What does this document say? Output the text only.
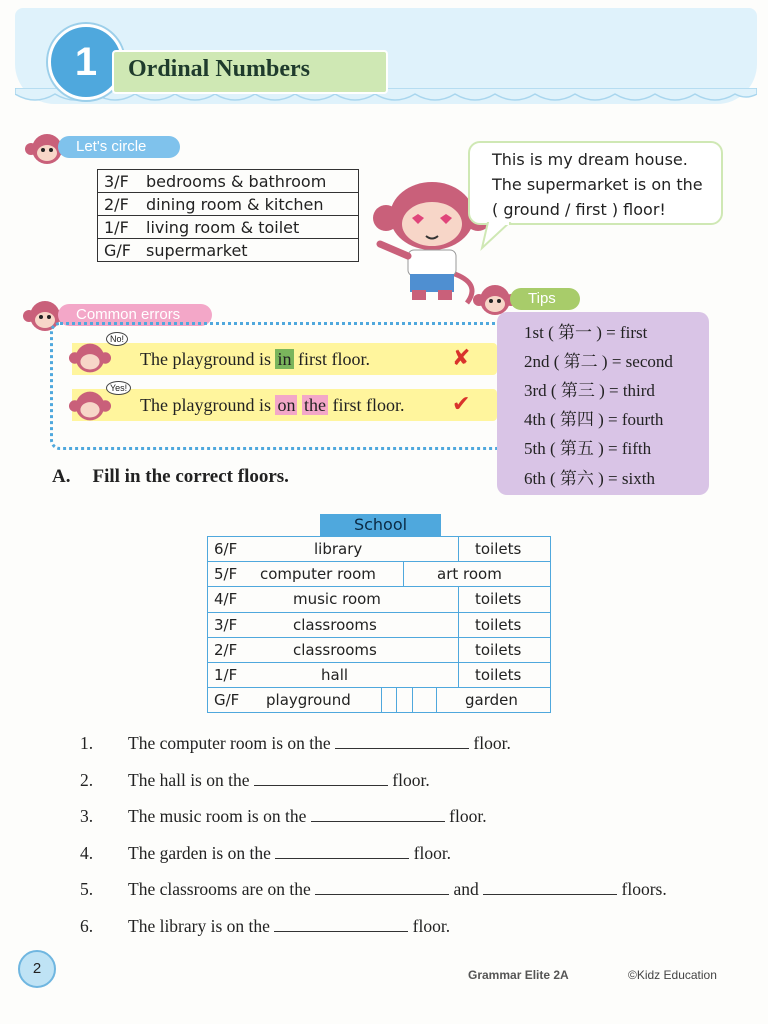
1	Ordinal Numbers
Let's circle
3/F	bedrooms & bathroom
2/F	dining room & kitchen
1/F	living room & toilet
G/F	supermarket
This is my dream house.
The supermarket is on the
( ground / first ) floor!
Common errors
No!
Yes!
The playground is in first floor.	✘
The playground is on the first floor. ✔
Tips
1st ( 第一 ) = first
2nd ( 第二 ) = second
3rd ( 第三 ) = third
4th ( 第四 ) = fourth
5th ( 第五 ) = fifth
6th ( 第六 ) = sixth
A. Fill in the correct floors.
School
6/F	library	toilets
5/F computer room	art room
4/F	music room	toilets
3/F	classrooms	toilets
2/F	classrooms	toilets
1/F	hall	toilets
G/F playground	garden
1. The computer room is on the	floor.
2. The hall is on the	floor.
3. The music room is on the	floor.
4. The garden is on the	floor.
5. The classrooms are on the	and	floors.
6. The library is on the	floor.
2	Grammar Elite 2A	©Kidz Education
